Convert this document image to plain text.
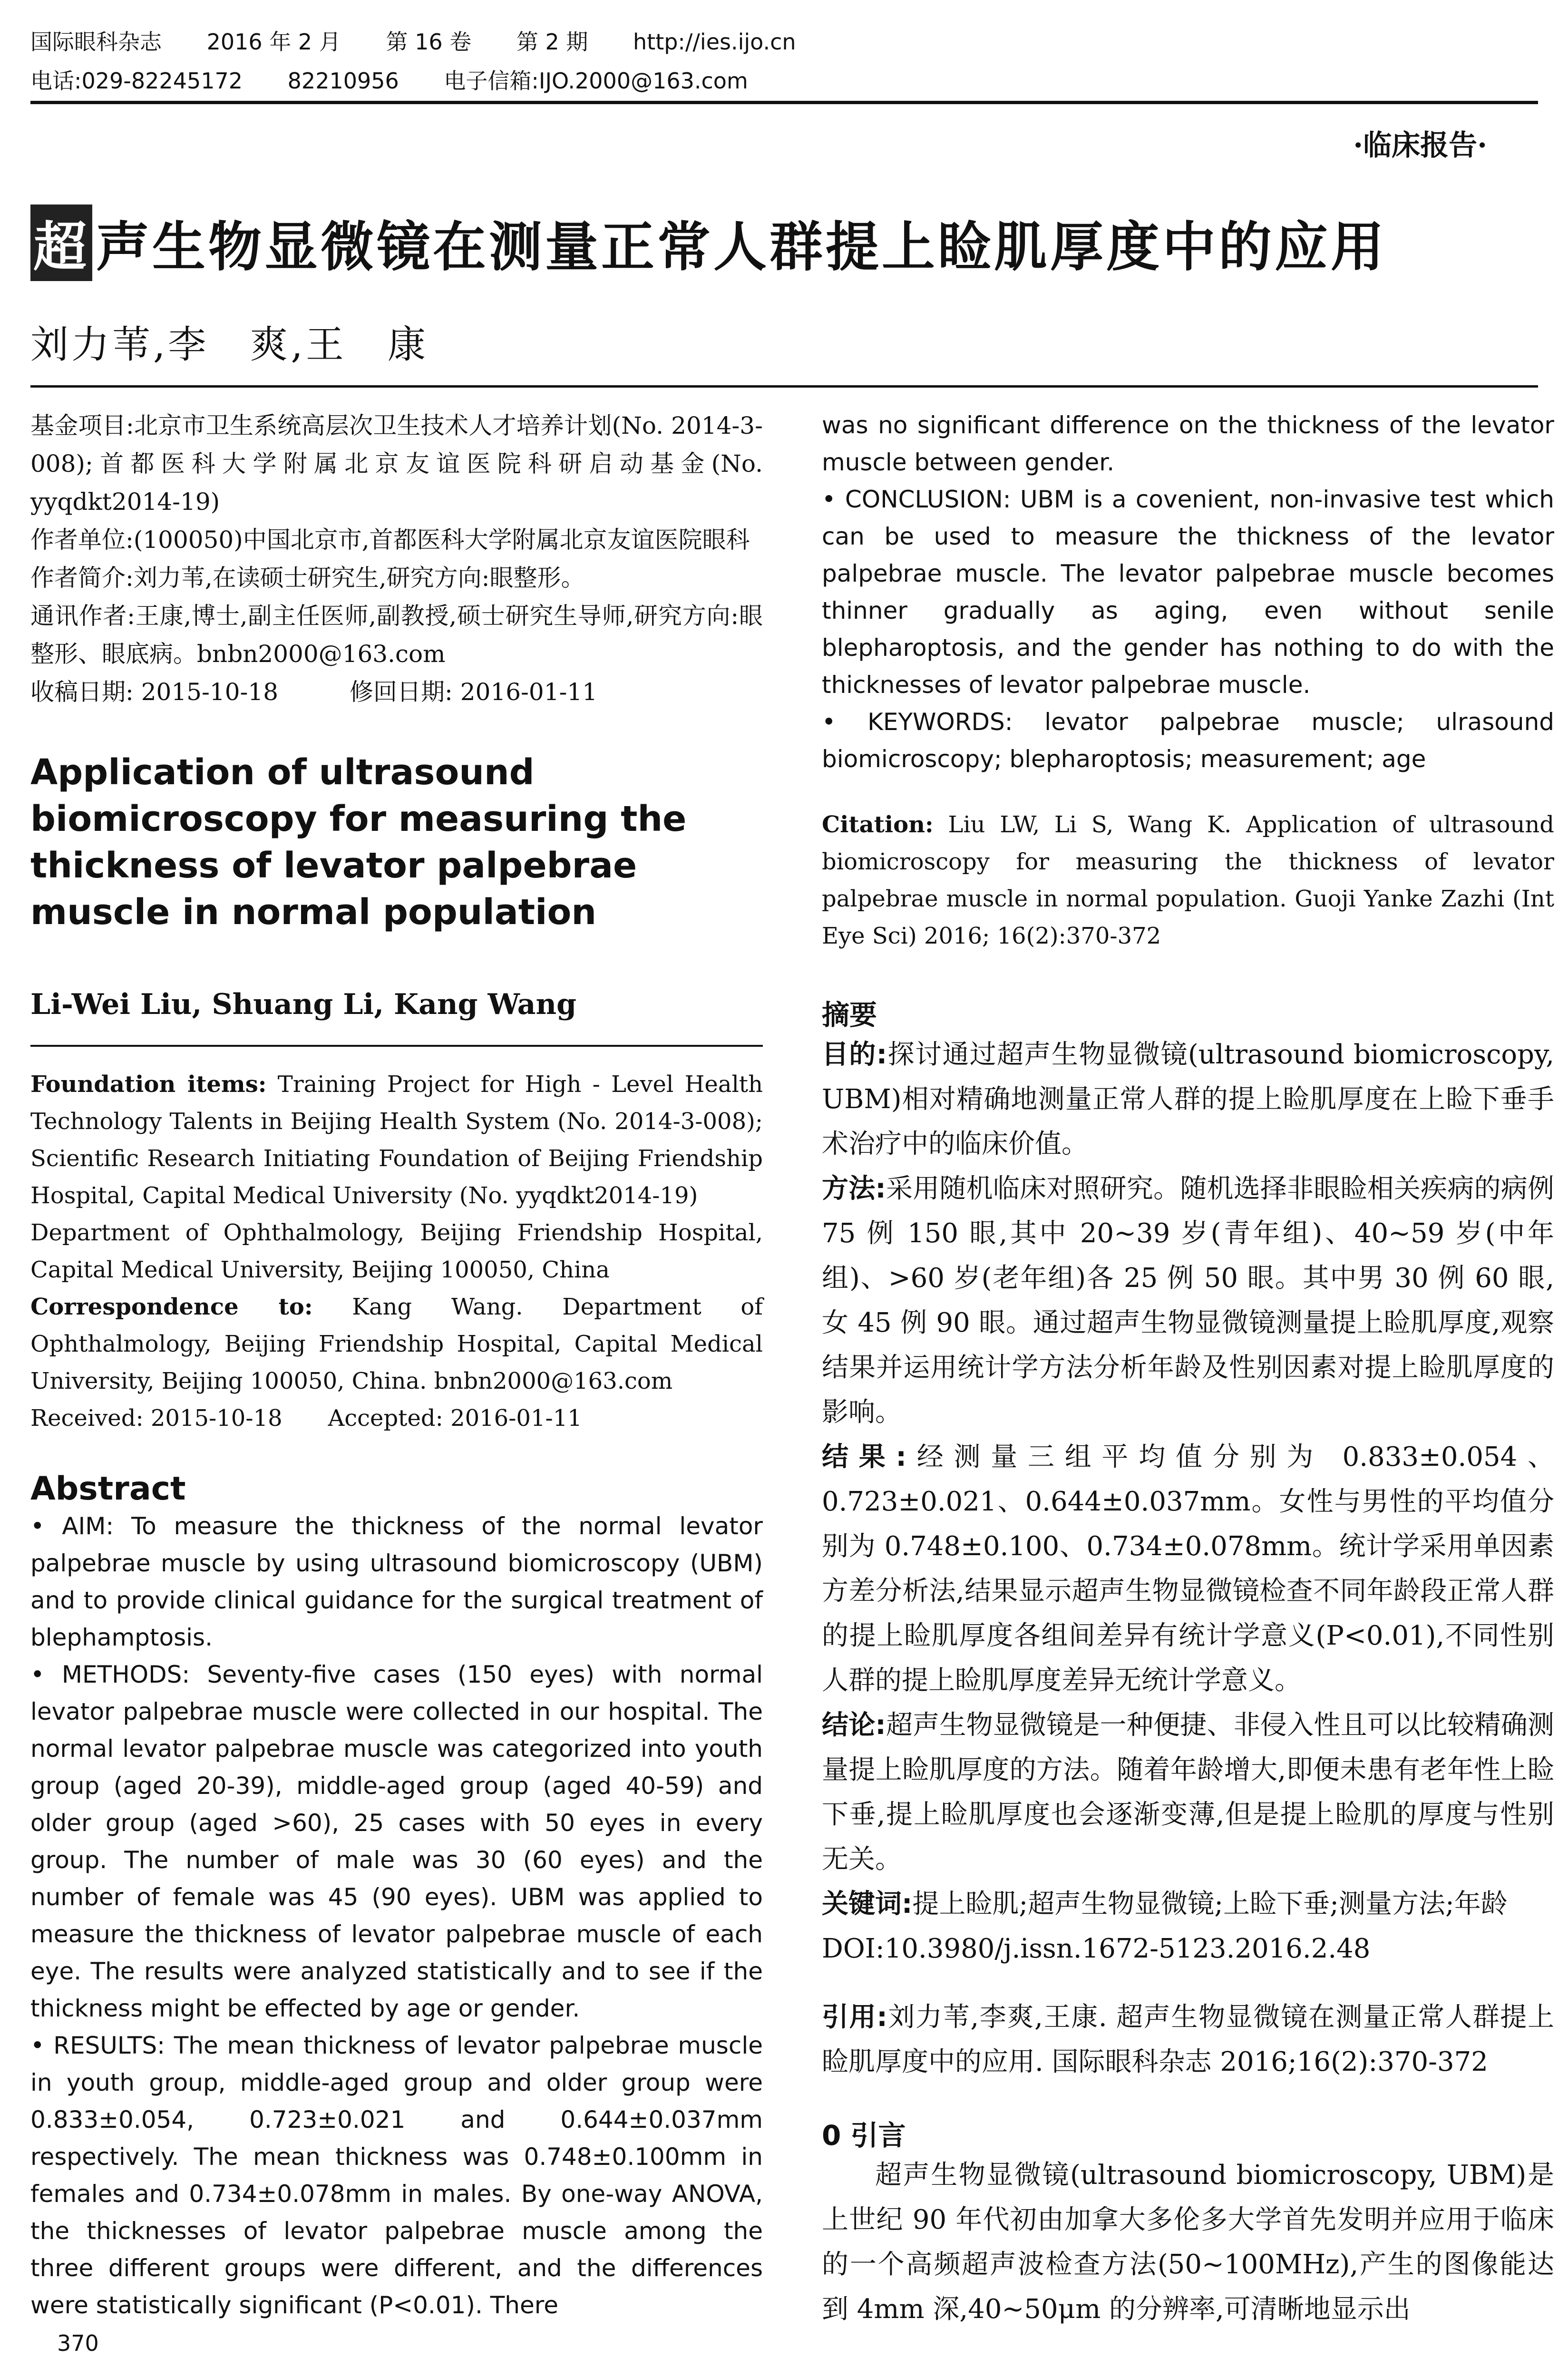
国际眼科杂志 2016 年 2 月 第 16 卷 第 2 期 http://ies.ijo.cn
电话:029-82245172 82210956 电子信箱:IJO.2000@163.com
·临床报告·
超 声生物显微镜在测量正常人群提上睑肌厚度中的应用
刘力苇,李　爽,王　康

基金项目:北京市卫生系统高层次卫生技术人才培养计划(No. 2014-3-008);首都医科大学附属北京友谊医院科研启动基金(No. yyqdkt2014-19)

作者单位:(100050)中国北京市,首都医科大学附属北京友谊医院眼科

作者简介:刘力苇,在读硕士研究生,研究方向:眼整形。

通讯作者:王康,博士,副主任医师,副教授,硕士研究生导师,研究方向:眼整形、眼底病。bnbn2000@163.com

收稿日期: 2015-10-18　　　修回日期: 2016-01-11

Application of ultrasound biomicroscopy for measuring the thickness of levator palpebrae muscle in normal population
Li-Wei Liu, Shuang Li, Kang Wang

Foundation items: Training Project for High - Level Health Technology Talents in Beijing Health System (No. 2014-3-008); Scientific Research Initiating Foundation of Beijing Friendship Hospital, Capital Medical University (No. yyqdkt2014-19)

Department of Ophthalmology, Beijing Friendship Hospital, Capital Medical University, Beijing 100050, China

Correspondence to: Kang Wang. Department of Ophthalmology, Beijing Friendship Hospital, Capital Medical University, Beijing 100050, China. bnbn2000@163.com

Received: 2015-10-18　　Accepted: 2016-01-11

Abstract

• AIM: To measure the thickness of the normal levator palpebrae muscle by using ultrasound biomicroscopy (UBM) and to provide clinical guidance for the surgical treatment of blephamptosis.

• METHODS: Seventy-five cases (150 eyes) with normal levator palpebrae muscle were collected in our hospital. The normal levator palpebrae muscle was categorized into youth group (aged 20-39), middle-aged group (aged 40-59) and older group (aged >60), 25 cases with 50 eyes in every group. The number of male was 30 (60 eyes) and the number of female was 45 (90 eyes). UBM was applied to measure the thickness of levator palpebrae muscle of each eye. The results were analyzed statistically and to see if the thickness might be effected by age or gender.

• RESULTS: The mean thickness of levator palpebrae muscle in youth group, middle-aged group and older group were 0.833±0.054, 0.723±0.021 and 0.644±0.037mm respectively. The mean thickness was 0.748±0.100mm in females and 0.734±0.078mm in males. By one-way ANOVA, the thicknesses of levator palpebrae muscle among the three different groups were different, and the differences were statistically significant (P<0.01). There

was no significant difference on the thickness of the levator muscle between gender.

• CONCLUSION: UBM is a covenient, non-invasive test which can be used to measure the thickness of the levator palpebrae muscle. The levator palpebrae muscle becomes thinner gradually as aging, even without senile blepharoptosis, and the gender has nothing to do with the thicknesses of levator palpebrae muscle.

• KEYWORDS: levator palpebrae muscle; ulrasound biomicroscopy; blepharoptosis; measurement; age

Citation: Liu LW, Li S, Wang K. Application of ultrasound biomicroscopy for measuring the thickness of levator palpebrae muscle in normal population. Guoji Yanke Zazhi (Int Eye Sci) 2016; 16(2):370-372

摘要

目的:探讨通过超声生物显微镜(ultrasound biomicroscopy, UBM)相对精确地测量正常人群的提上睑肌厚度在上睑下垂手术治疗中的临床价值。

方法:采用随机临床对照研究。随机选择非眼睑相关疾病的病例 75 例 150 眼,其中 20~39 岁(青年组)、40~59 岁(中年组)、>60 岁(老年组)各 25 例 50 眼。其中男 30 例 60 眼,女 45 例 90 眼。通过超声生物显微镜测量提上睑肌厚度,观察结果并运用统计学方法分析年龄及性别因素对提上睑肌厚度的影响。

结果:经测量三组平均值分别为 0.833±0.054、0.723±0.021、0.644±0.037mm。女性与男性的平均值分别为 0.748±0.100、0.734±0.078mm。统计学采用单因素方差分析法,结果显示超声生物显微镜检查不同年龄段正常人群的提上睑肌厚度各组间差异有统计学意义(P<0.01),不同性别人群的提上睑肌厚度差异无统计学意义。

结论:超声生物显微镜是一种便捷、非侵入性且可以比较精确测量提上睑肌厚度的方法。随着年龄增大,即便未患有老年性上睑下垂,提上睑肌厚度也会逐渐变薄,但是提上睑肌的厚度与性别无关。

关键词:提上睑肌;超声生物显微镜;上睑下垂;测量方法;年龄

DOI:10.3980/j.issn.1672-5123.2016.2.48

引用:刘力苇,李爽,王康. 超声生物显微镜在测量正常人群提上睑肌厚度中的应用. 国际眼科杂志 2016;16(2):370-372

0 引言

超声生物显微镜(ultrasound biomicroscopy, UBM)是上世纪 90 年代初由加拿大多伦多大学首先发明并应用于临床的一个高频超声波检查方法(50~100MHz),产生的图像能达到 4mm 深,40~50μm 的分辨率,可清晰地显示出

370
